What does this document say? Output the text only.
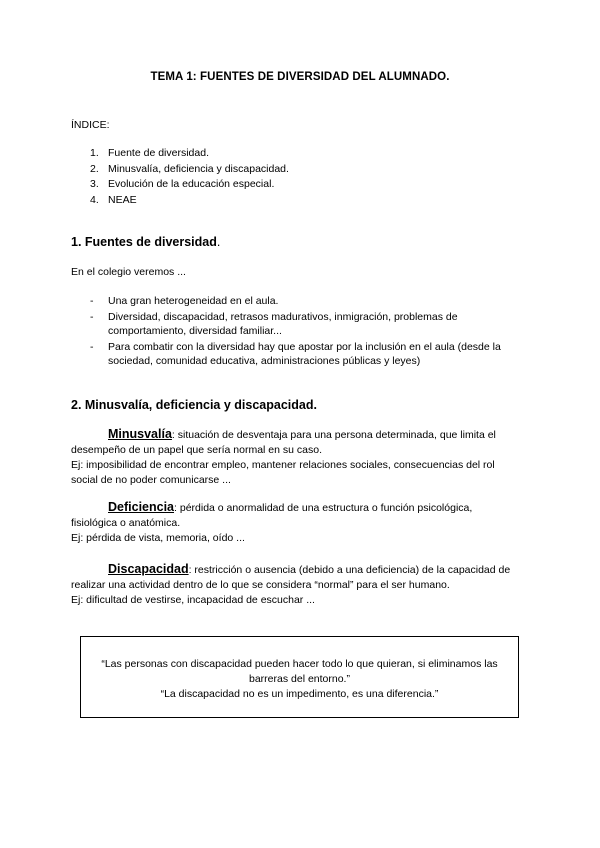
TEMA 1: FUENTES DE DIVERSIDAD DEL ALUMNADO.
ÍNDICE:
1. Fuente de diversidad.
2. Minusvalía, deficiencia y discapacidad.
3. Evolución de la educación especial.
4. NEAE
1. Fuentes de diversidad.
En el colegio veremos ...
- Una gran heterogeneidad en el aula.
- Diversidad, discapacidad, retrasos madurativos, inmigración, problemas de comportamiento, diversidad familiar...
- Para combatir con la diversidad hay que apostar por la inclusión en el aula (desde la sociedad, comunidad educativa, administraciones públicas y leyes)
2. Minusvalía, deficiencia y discapacidad.
Minusvalía: situación de desventaja para una persona determinada, que limita el
desempeño de un papel que sería normal en su caso.
Ej: imposibilidad de encontrar empleo, mantener relaciones sociales, consecuencias del rol
social de no poder comunicarse ...
Deficiencia: pérdida o anormalidad de una estructura o función psicológica,
fisiológica o anatómica.
Ej: pérdida de vista, memoria, oído ...
Discapacidad: restricción o ausencia (debido a una deficiencia) de la capacidad de
realizar una actividad dentro de lo que se considera “normal” para el ser humano.
Ej: dificultad de vestirse, incapacidad de escuchar ...
“Las personas con discapacidad pueden hacer todo lo que quieran, si eliminamos las
barreras del entorno.”
“La discapacidad no es un impedimento, es una diferencia.”
